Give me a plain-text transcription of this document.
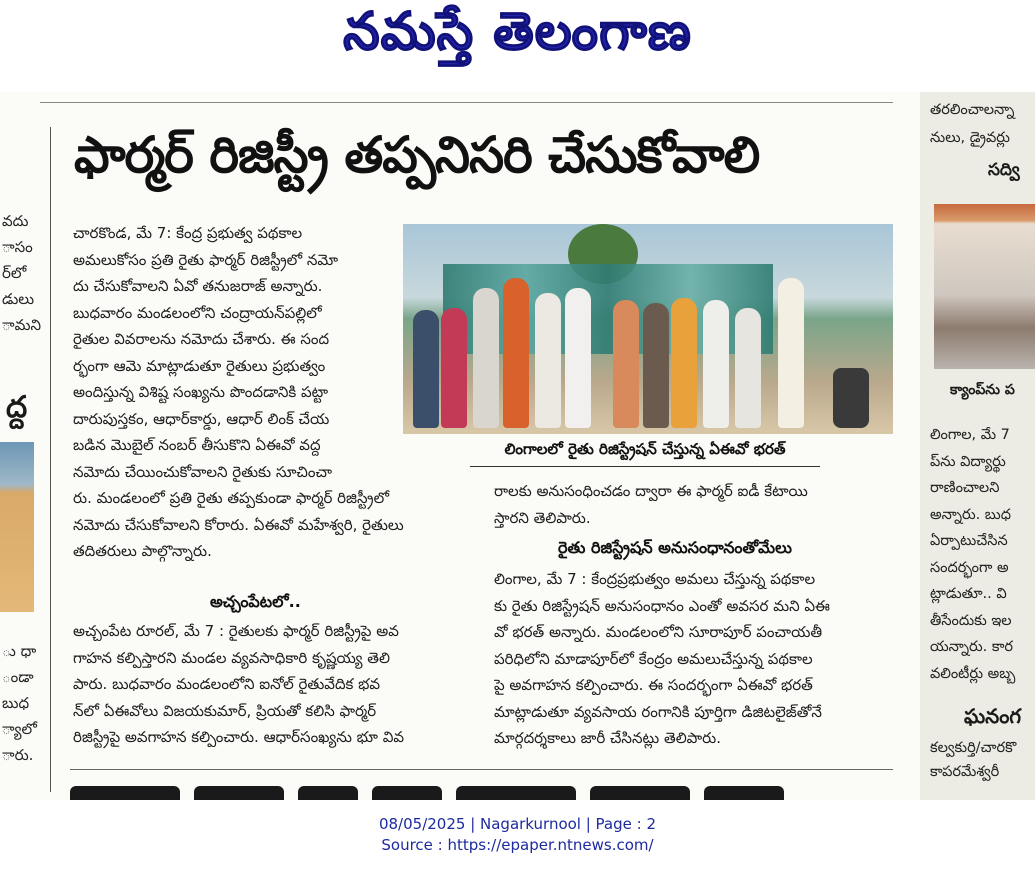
నమస్తే తెలంగాణ
వదు
ాసం
ర్‌లో
డులు
ామని
ద్ద
ు ధా
ండా
బుధ
్యాలో
ారు.
ఫార్మర్ రిజిస్ట్రీ తప్పనిసరి చేసుకోవాలి
చారకొండ, మే 7: కేంద్ర ప్రభుత్వ పథకాల
అమలుకోసం ప్రతి రైతు ఫార్మర్ రిజిస్ట్రీలో నమో
దు చేసుకోవాలని ఏవో తనుజరాజ్ అన్నారు.
బుధవారం మండలంలోని చంద్రాయన్‌పల్లిలో
రైతుల వివరాలను నమోదు చేశారు. ఈ సంద
ర్భంగా ఆమె మాట్లాడుతూ రైతులు ప్రభుత్వం
అందిస్తున్న విశిష్ట సంఖ్యను పొందడానికి పట్టా
దారుపుస్తకం, ఆధార్‌కార్డు, ఆధార్ లింక్ చేయ
బడిన మొబైల్ నంబర్ తీసుకొని ఏఈవో వద్ద
నమోదు చేయించుకోవాలని రైతుకు సూచించా
రు. మండలంలో ప్రతి రైతు తప్పకుండా ఫార్మర్ రిజిస్ట్రీలో
నమోదు చేసుకోవాలని కోరారు. ఏఈవో మహేశ్వరి, రైతులు
తదితరులు పాల్గొన్నారు.
అచ్చంపేటలో..
అచ్చంపేట రూరల్, మే 7 : రైతులకు ఫార్మర్ రిజిస్ట్రీపై అవ
గాహన కల్పిస్తారని మండల వ్యవసాధికారి కృష్ణయ్య తెలి
పారు. బుధవారం మండలంలోని ఐనోల్ రైతువేదిక భవ
న్‌లో ఏఈవోలు విజయకుమార్, ప్రియతో కలిసి ఫార్మర్
రిజిస్ట్రీపై అవగాహన కల్పించారు. ఆధార్‌సంఖ్యను భూ వివ
లింగాలలో రైతు రిజిస్ట్రేషన్ చేస్తున్న ఏఈవో భరత్
రాలకు అనుసంధించడం ద్వారా ఈ ఫార్మర్ ఐడీ కేటాయి
స్తారని తెలిపారు.
రైతు రిజిస్ట్రేషన్ అనుసంధానంతోమేలు
లింగాల, మే 7 : కేంద్రప్రభుత్వం అమలు చేస్తున్న పథకాల
కు రైతు రిజిస్ట్రేషన్ అనుసంధానం ఎంతో అవసర మని ఏఈ
వో భరత్ అన్నారు. మండలంలోని సూరాపూర్ పంచాయతీ
పరిధిలోని మాడాపూర్‌లో కేంద్రం అమలుచేస్తున్న పథకాల
పై అవగాహన కల్పించారు. ఈ సందర్భంగా ఏఈవో భరత్
మాట్లాడుతూ వ్యవసాయ రంగానికి పూర్తిగా డిజిటలైజ్‌తోనే
మార్గదర్శకాలు జారీ చేసినట్లు తెలిపారు.
తరలించాలన్నా
నులు, డ్రైవర్లు
సద్వి
క్యాంప్‌ను ప
లింగాల, మే 7
ప్‌ను విద్యార్థు
రాణించాలని
అన్నారు. బుధ
ఏర్పాటుచేసిన
సందర్భంగా అ
ట్లాడుతూ.. వి
తీసేందుకు ఇల
యన్నారు. కార
వలింటీర్లు అబ్బ
ఘనంగ
కల్వకుర్తి/చారకొ
కాపరమేశ్వరీ
08/05/2025 | Nagarkurnool | Page : 2
Source : https://epaper.ntnews.com/
